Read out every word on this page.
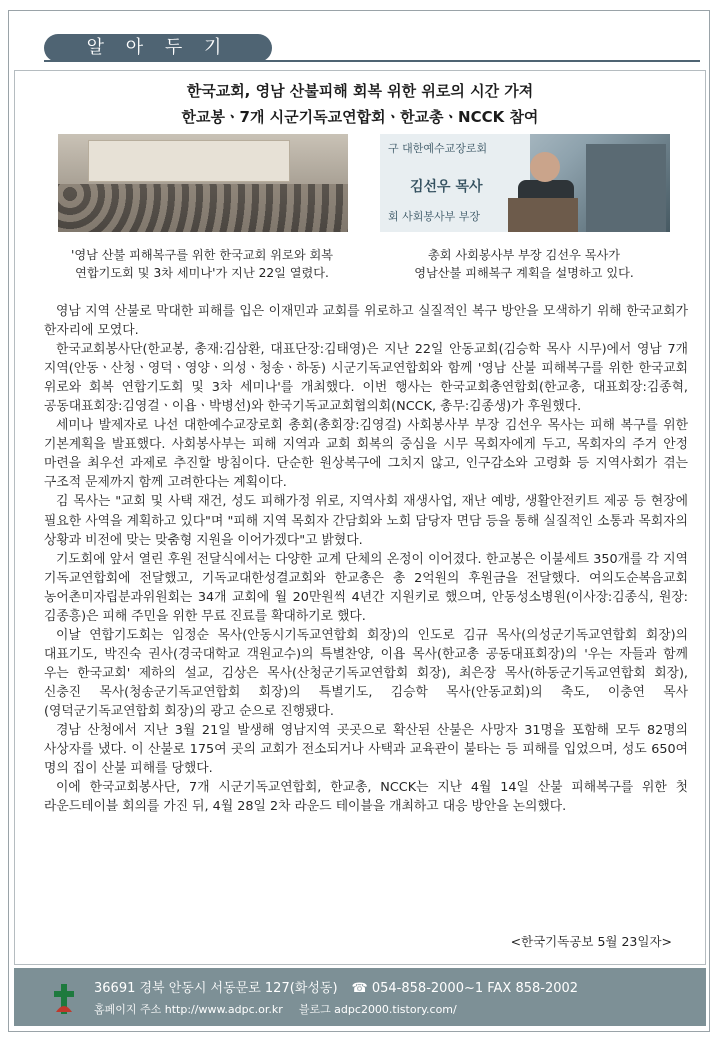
알 아 두 기
한국교회, 영남 산불피해 회복 위한 위로의 시간 가져
한교봉ㆍ7개 시군기독교연합회ㆍ한교총ㆍNCCK 참여
구 대한예수교장로회
김선우 목사
회 사회봉사부 부장
'영남 산불 피해복구를 위한 한국교회 위로와 회복
연합기도회 및 3차 세미나'가 지난 22일 열렸다.
총회 사회봉사부 부장 김선우 목사가
영남산불 피해복구 계획을 설명하고 있다.

영남 지역 산불로 막대한 피해를 입은 이재민과 교회를 위로하고 실질적인 복구 방안을 모색하기 위해 한국교회가 한자리에 모였다.

한국교회봉사단(한교봉, 총재:김삼환, 대표단장:김태영)은 지난 22일 안동교회(김승학 목사 시무)에서 영남 7개 지역(안동ㆍ산청ㆍ영덕ㆍ영양ㆍ의성ㆍ청송ㆍ하동) 시군기독교연합회와 함께 '영남 산불 피해복구를 위한 한국교회 위로와 회복 연합기도회 및 3차 세미나'를 개최했다. 이번 행사는 한국교회총연합회(한교총, 대표회장:김종혁, 공동대표회장:김영걸ㆍ이욥ㆍ박병선)와 한국기독교교회협의회(NCCK, 총무:김종생)가 후원했다.

세미나 발제자로 나선 대한예수교장로회 총회(총회장:김영걸) 사회봉사부 부장 김선우 목사는 피해 복구를 위한 기본계획을 발표했다. 사회봉사부는 피해 지역과 교회 회복의 중심을 시무 목회자에게 두고, 목회자의 주거 안정 마련을 최우선 과제로 추진할 방침이다. 단순한 원상복구에 그치지 않고, 인구감소와 고령화 등 지역사회가 겪는 구조적 문제까지 함께 고려한다는 계획이다.

김 목사는 "교회 및 사택 재건, 성도 피해가정 위로, 지역사회 재생사업, 재난 예방, 생활안전키트 제공 등 현장에 필요한 사역을 계획하고 있다"며 "피해 지역 목회자 간담회와 노회 담당자 면담 등을 통해 실질적인 소통과 목회자의 상황과 비전에 맞는 맞춤형 지원을 이어가겠다"고 밝혔다.

기도회에 앞서 열린 후원 전달식에서는 다양한 교계 단체의 온정이 이어졌다. 한교봉은 이불세트 350개를 각 지역 기독교연합회에 전달했고, 기독교대한성결교회와 한교총은 총 2억원의 후원금을 전달했다. 여의도순복음교회 농어촌미자립분과위원회는 34개 교회에 월 20만원씩 4년간 지원키로 했으며, 안동성소병원(이사장:김종식, 원장:김종흥)은 피해 주민을 위한 무료 진료를 확대하기로 했다.

이날 연합기도회는 임정순 목사(안동시기독교연합회 회장)의 인도로 김규 목사(의성군기독교연합회 회장)의 대표기도, 박진숙 권사(경국대학교 객원교수)의 특별찬양, 이욥 목사(한교총 공동대표회장)의 '우는 자들과 함께 우는 한국교회' 제하의 설교, 김상은 목사(산청군기독교연합회 회장), 최은장 목사(하동군기독교연합회 회장), 신충진 목사(청송군기독교연합회 회장)의 특별기도, 김승학 목사(안동교회)의 축도, 이충연 목사(영덕군기독교연합회 회장)의 광고 순으로 진행됐다.

경남 산청에서 지난 3월 21일 발생해 영남지역 곳곳으로 확산된 산불은 사망자 31명을 포함해 모두 82명의 사상자를 냈다. 이 산불로 175여 곳의 교회가 전소되거나 사택과 교육관이 불타는 등 피해를 입었으며, 성도 650여 명의 집이 산불 피해를 당했다.

이에 한국교회봉사단, 7개 시군기독교연합회, 한교총, NCCK는 지난 4월 14일 산불 피해복구를 위한 첫 라운드테이블 회의를 가진 뒤, 4월 28일 2차 라운드 테이블을 개최하고 대응 방안을 논의했다.

<한국기독공보 5월 23일자>
36691 경북 안동시 서동문로 127(화성동) ☎ 054-858-2000~1 FAX 858-2002
홈페이지 주소 http://www.adpc.or.kr 블로그 adpc2000.tistory.com/
